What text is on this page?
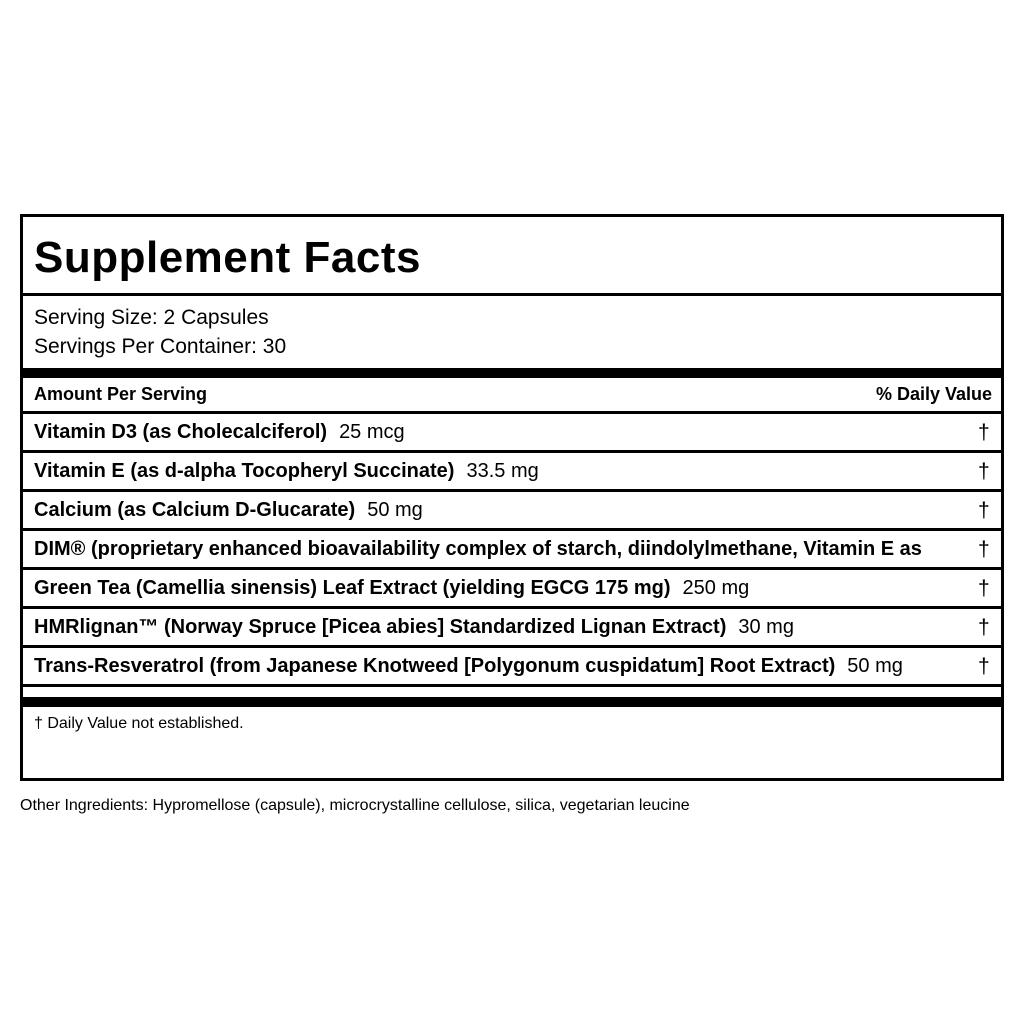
Supplement Facts
Serving Size: 2 Capsules
Servings Per Container: 30
Amount Per Serving	% Daily Value
Vitamin D3 (as Cholecalciferol) 25 mcg	†
Vitamin E (as d-alpha Tocopheryl Succinate) 33.5 mg	†
Calcium (as Calcium D-Glucarate) 50 mg	†
DIM® (proprietary enhanced bioavailability complex of starch, diindolylmethane, Vitamin E as	†
Green Tea (Camellia sinensis) Leaf Extract (yielding EGCG 175 mg) 250 mg	†
HMRlignan™ (Norway Spruce [Picea abies] Standardized Lignan Extract) 30 mg	†
Trans-Resveratrol (from Japanese Knotweed [Polygonum cuspidatum] Root Extract) 50 mg	†
† Daily Value not established.
Other Ingredients: Hypromellose (capsule), microcrystalline cellulose, silica, vegetarian leucine
